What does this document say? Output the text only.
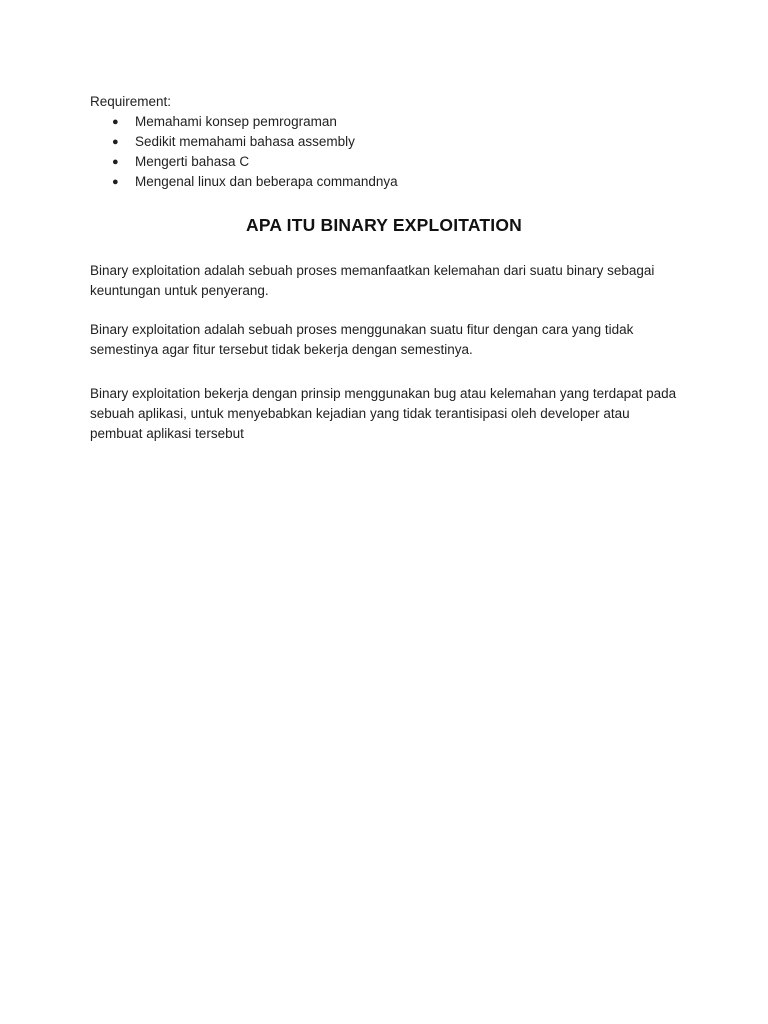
Requirement:

● Memahami konsep pemrograman
● Sedikit memahami bahasa assembly
● Mengerti bahasa C
● Mengenal linux dan beberapa commandnya
APA ITU BINARY EXPLOITATION

Binary exploitation adalah sebuah proses memanfaatkan kelemahan dari suatu binary sebagai keuntungan untuk penyerang.

Binary exploitation adalah sebuah proses menggunakan suatu fitur dengan cara yang tidak semestinya agar fitur tersebut tidak bekerja dengan semestinya.

Binary exploitation bekerja dengan prinsip menggunakan bug atau kelemahan yang terdapat pada sebuah aplikasi, untuk menyebabkan kejadian yang tidak terantisipasi oleh developer atau pembuat aplikasi tersebut
